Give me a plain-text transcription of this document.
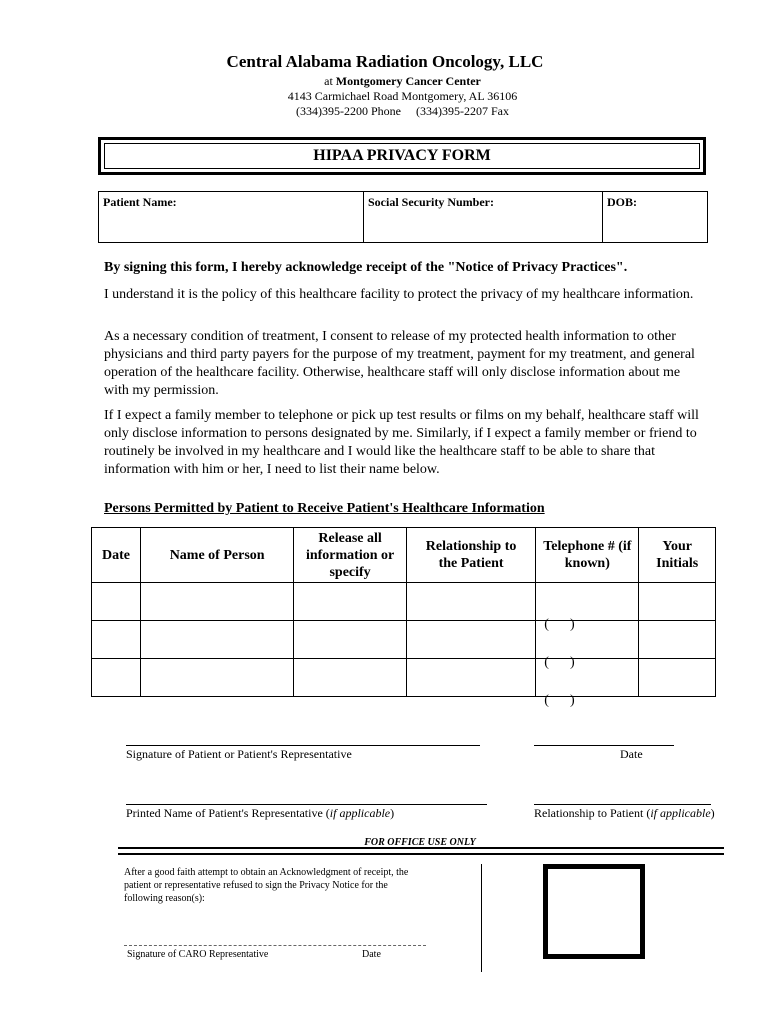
Central Alabama Radiation Oncology, LLC
at Montgomery Cancer Center
4143 Carmichael Road Montgomery, AL 36106
(334)395-2200 Phone     (334)395-2207 Fax
HIPAA PRIVACY FORM
Patient Name:	Social Security Number:	DOB:
By signing this form, I hereby acknowledge receipt of the "Notice of Privacy Practices".
I understand it is the policy of this healthcare facility to protect the privacy of my healthcare information.
As a necessary condition of treatment, I consent to release of my protected health information to other physicians and third party payers for the purpose of my treatment, payment for my treatment, and general operation of the healthcare facility. Otherwise, healthcare staff will only disclose information about me with my permission.
If I expect a family member to telephone or pick up test results or films on my behalf, healthcare staff will only disclose information to persons designated by me. Similarly, if I expect a family member or friend to routinely be involved in my healthcare and I would like the healthcare staff to be able to share that information with him or her, I need to list their name below.
Persons Permitted by Patient to Receive Patient's Healthcare Information
Date	Name of Person	Release all information or specify	Relationship to the Patient	Telephone # (if known)	Your Initials

				(      )	

				(      )	

				(      )	

Signature of Patient or Patient's Representative	Date
Printed Name of Patient's Representative (if applicable)	Relationship to Patient (if applicable)
FOR OFFICE USE ONLY
After a good faith attempt to obtain an Acknowledgment of receipt, the patient or representative refused to sign the Privacy Notice for the following reason(s):
Signature of CARO Representative	Date
